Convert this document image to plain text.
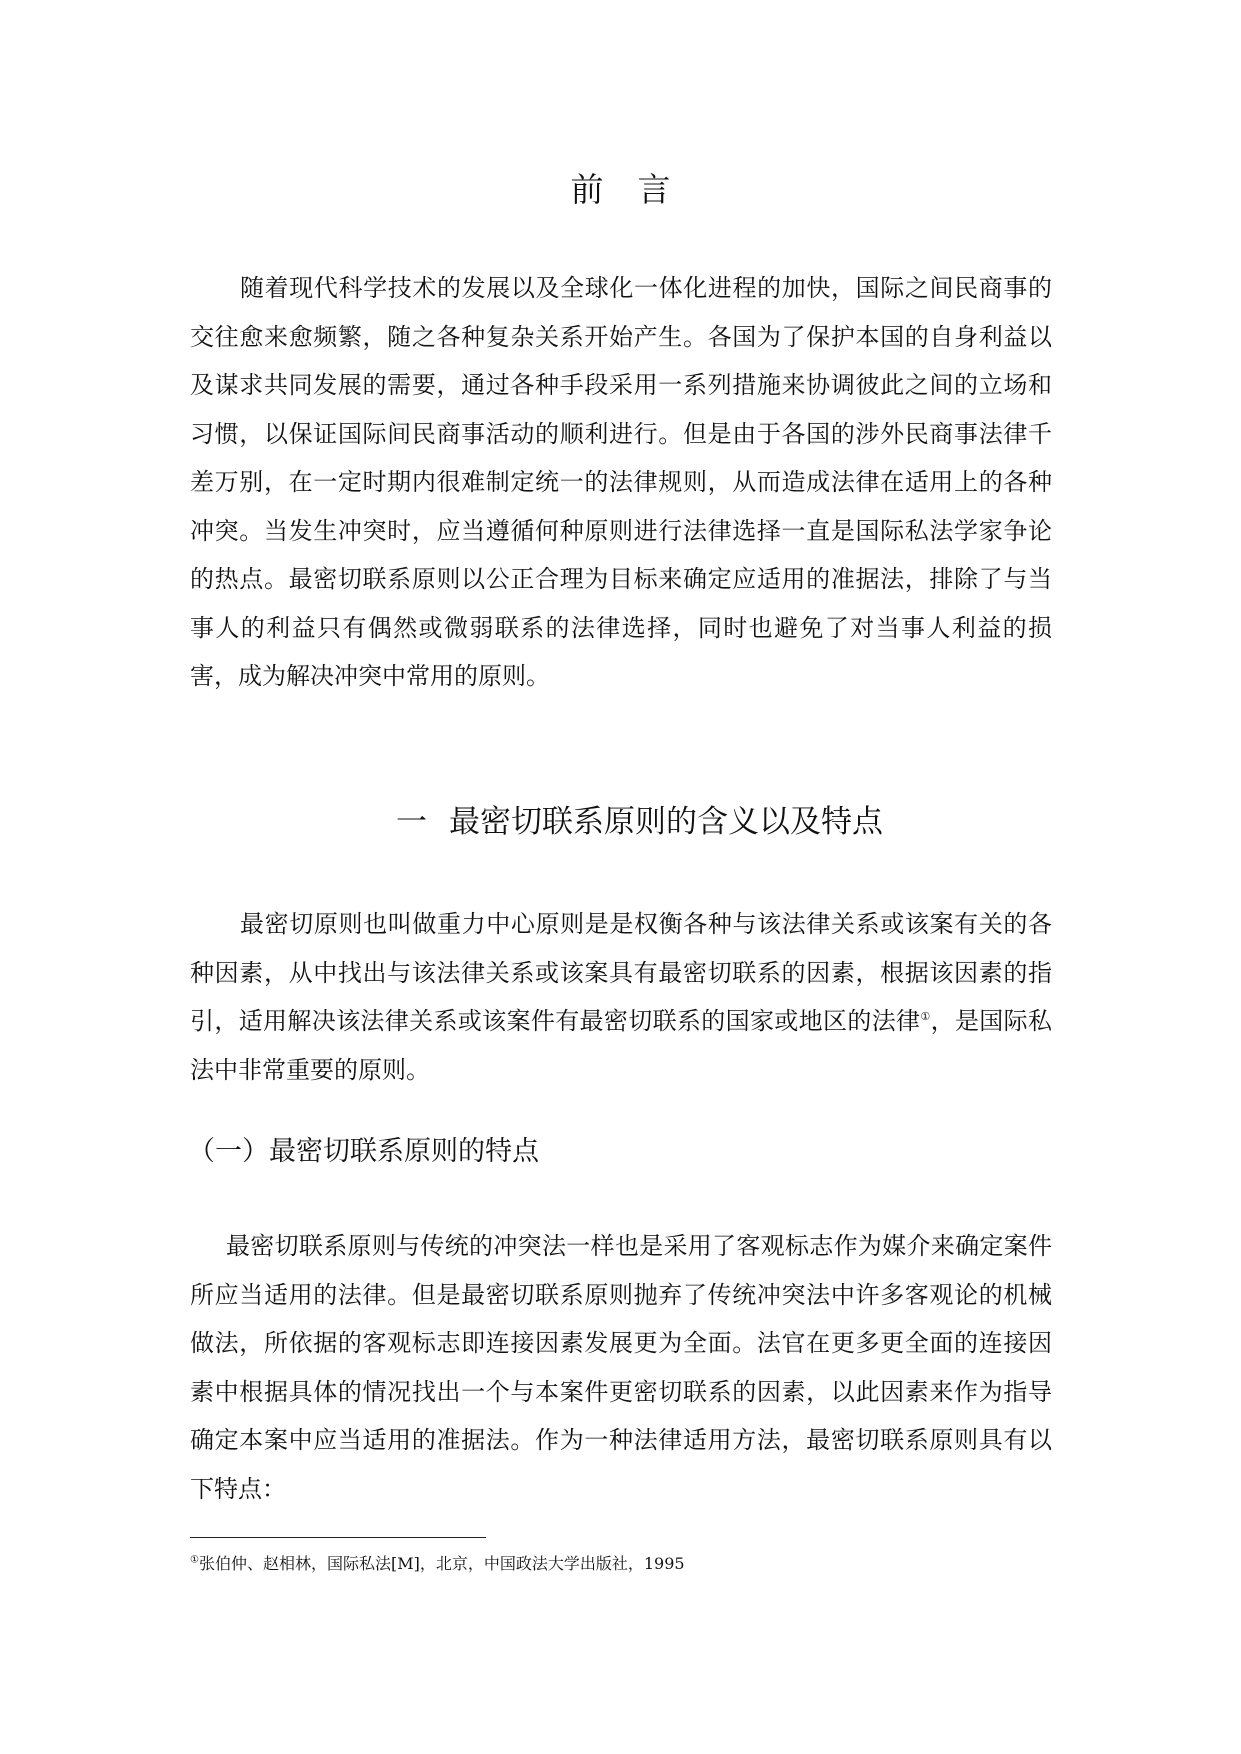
前言

随着现代科学技术的发展以及全球化一体化进程的加快，国际之间民商事的交往愈来愈频繁，随之各种复杂关系开始产生。各国为了保护本国的自身利益以及谋求共同发展的需要，通过各种手段采用一系列措施来协调彼此之间的立场和习惯，以保证国际间民商事活动的顺利进行。但是由于各国的涉外民商事法律千差万别，在一定时期内很难制定统一的法律规则，从而造成法律在适用上的各种冲突。当发生冲突时，应当遵循何种原则进行法律选择一直是国际私法学家争论的热点。最密切联系原则以公正合理为目标来确定应适用的准据法，排除了与当事人的利益只有偶然或微弱联系的法律选择，同时也避免了对当事人利益的损害，成为解决冲突中常用的原则。

一 最密切联系原则的含义以及特点

最密切原则也叫做重力中心原则是是权衡各种与该法律关系或该案有关的各种因素，从中找出与该法律关系或该案具有最密切联系的因素，根据该因素的指引，适用解决该法律关系或该案件有最密切联系的国家或地区的法律①，是国际私法中非常重要的原则。

（一）最密切联系原则的特点

最密切联系原则与传统的冲突法一样也是采用了客观标志作为媒介来确定案件所应当适用的法律。但是最密切联系原则抛弃了传统冲突法中许多客观论的机械做法，所依据的客观标志即连接因素发展更为全面。法官在更多更全面的连接因素中根据具体的情况找出一个与本案件更密切联系的因素，以此因素来作为指导确定本案中应当适用的准据法。作为一种法律适用方法，最密切联系原则具有以下特点：

①张伯仲、赵相林，国际私法[M]，北京，中国政法大学出版社，1995
